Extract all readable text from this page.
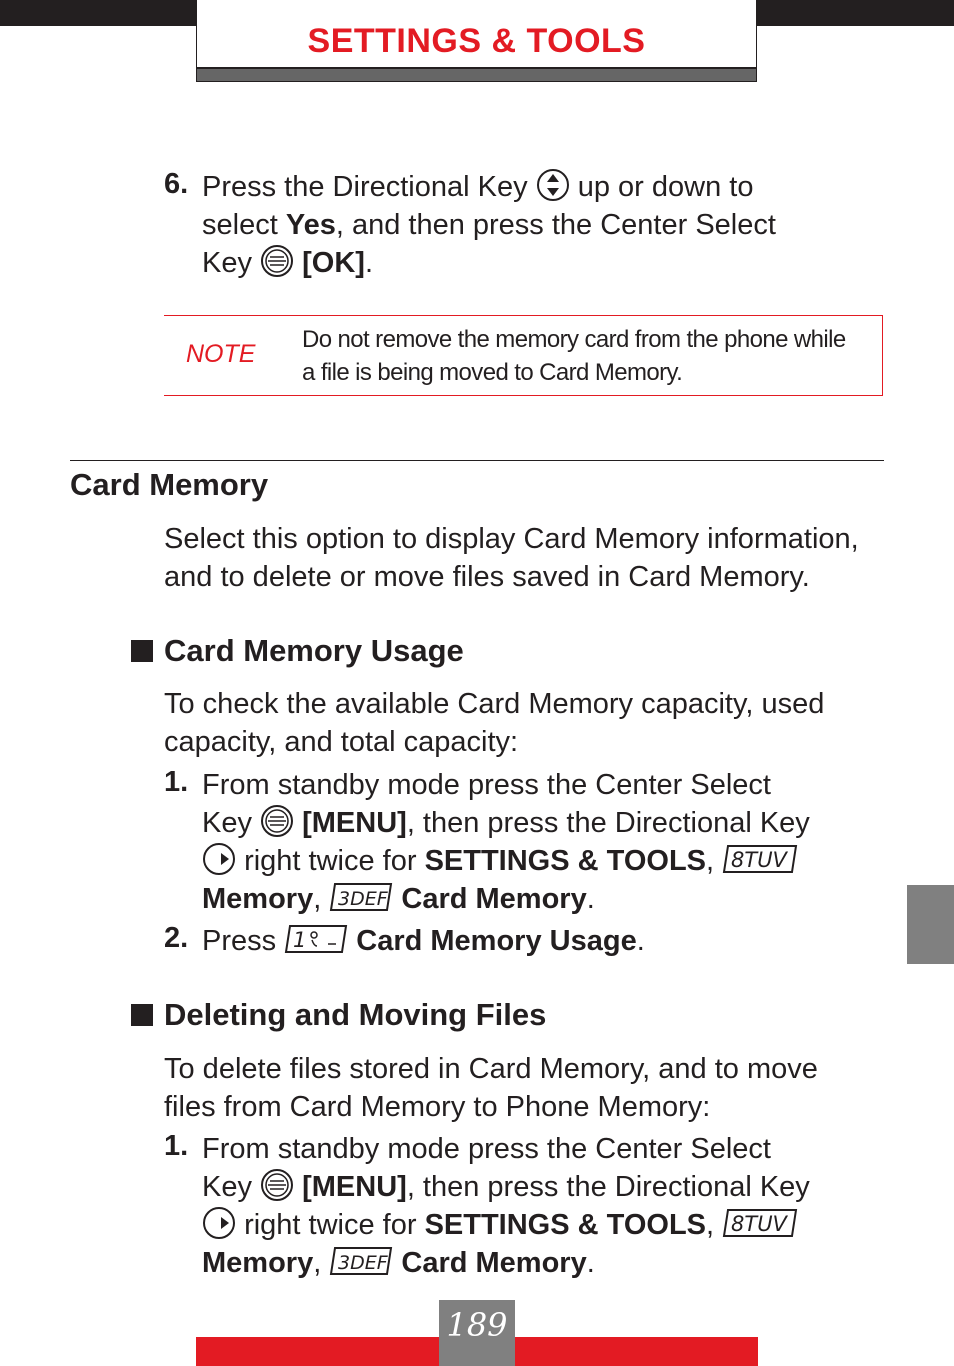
SETTINGS & TOOLS
6. Press the Directional Key up or down to
select Yes, and then press the Center Select
Key [OK].
NOTE
Do not remove the memory card from the phone while
a file is being moved to Card Memory.
Card Memory
Select this option to display Card Memory information,
and to delete or move files saved in Card Memory.
Card Memory Usage
To check the available Card Memory capacity, used
capacity, and total capacity:
1. From standby mode press the Center Select
Key [MENU], then press the Directional Key
right twice for SETTINGS & TOOLS, 8TUV
Memory, 3DEF Card Memory.
2. Press 1 Card Memory Usage.
Deleting and Moving Files
To delete files stored in Card Memory, and to move
files from Card Memory to Phone Memory:
1. From standby mode press the Center Select
Key [MENU], then press the Directional Key
right twice for SETTINGS & TOOLS, 8TUV
Memory, 3DEF Card Memory.
189
